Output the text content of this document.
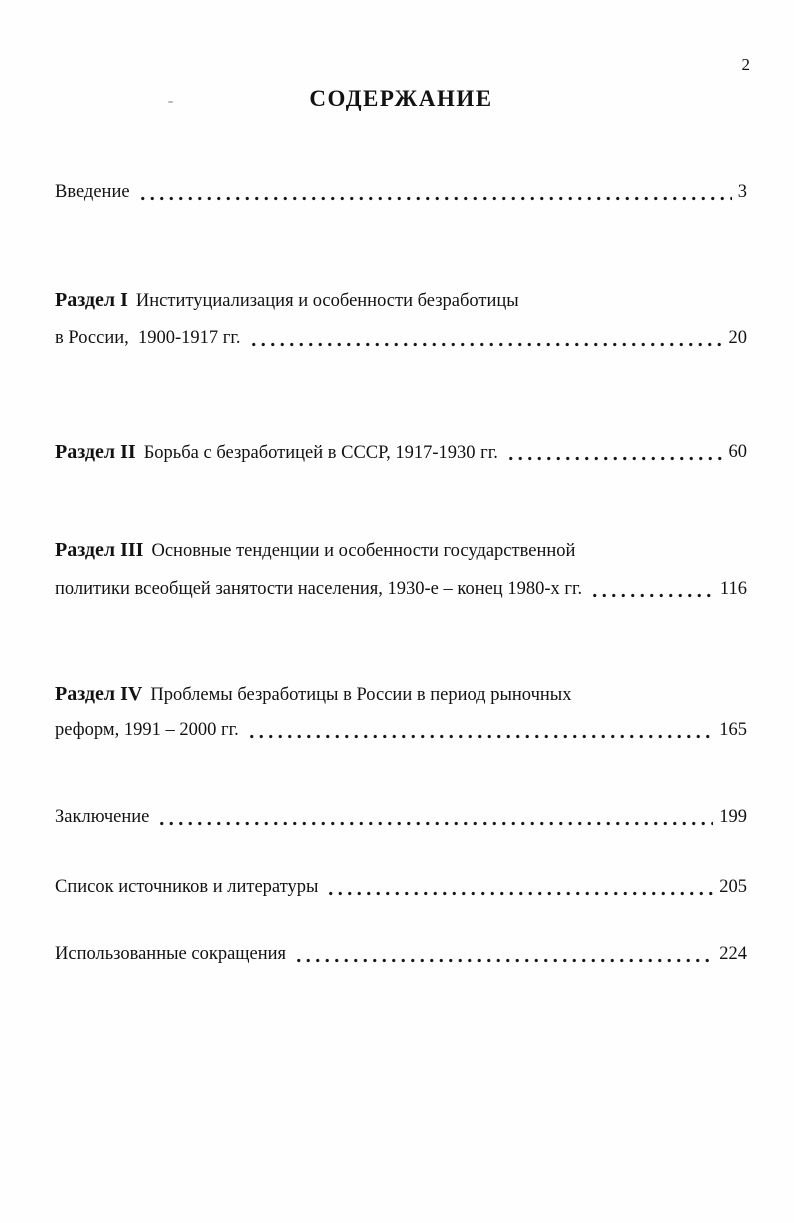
2
СОДЕРЖАНИЕ
Введение	3
Раздел I Институциализация и особенности безработицы
в России,  1900-1917 гг.	20
Раздел II Борьба с безработицей в СССР, 1917-1930 гг.	60
Раздел III Основные тенденции и особенности государственной
политики всеобщей занятости населения, 1930-е – конец 1980-х гг.	116
Раздел IV Проблемы безработицы в России в период рыночных
реформ, 1991 – 2000 гг.	165
Заключение	199
Список источников и литературы	205
Использованные сокращения	224
